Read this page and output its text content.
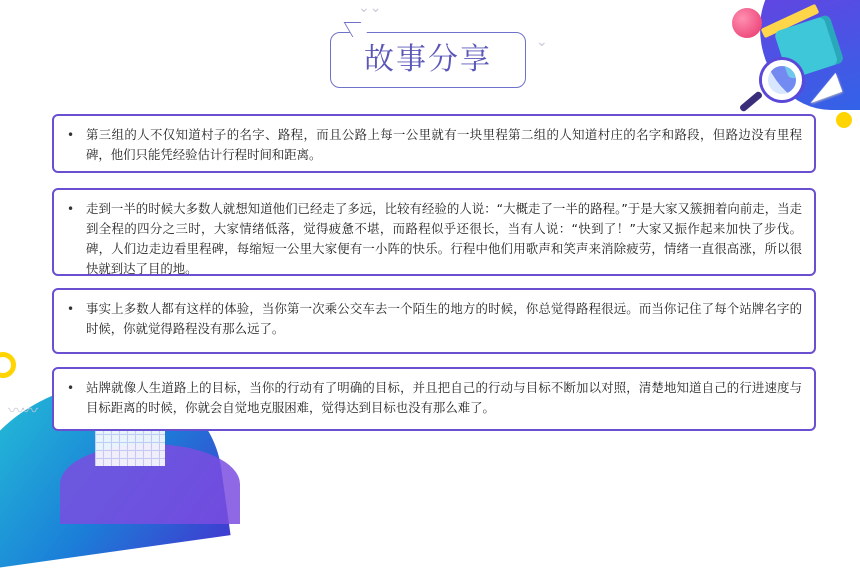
〰〰
⌄⌄
⌄
故事分享
• 第三组的人不仅知道村子的名字、路程，而且公路上每一公里就有一块里程第二组的人知道村庄的名字和路段，但路边没有里程碑，他们只能凭经验估计行程时间和距离。
• 走到一半的时候大多数人就想知道他们已经走了多远，比较有经验的人说：“大概走了一半的路程。”于是大家又簇拥着向前走，当走到全程的四分之三时，大家情绪低落，觉得疲惫不堪，而路程似乎还很长，当有人说：“快到了！”大家又振作起来加快了步伐。碑，人们边走边看里程碑，每缩短一公里大家便有一小阵的快乐。行程中他们用歌声和笑声来消除疲劳，情绪一直很高涨，所以很快就到达了目的地。
• 事实上多数人都有这样的体验，当你第一次乘公交车去一个陌生的地方的时候，你总觉得路程很远。而当你记住了每个站牌名字的时候，你就觉得路程没有那么远了。
• 站牌就像人生道路上的目标，当你的行动有了明确的目标，并且把自己的行动与目标不断加以对照，清楚地知道自己的行进速度与目标距离的时候，你就会自觉地克服困难，觉得达到目标也没有那么难了。
